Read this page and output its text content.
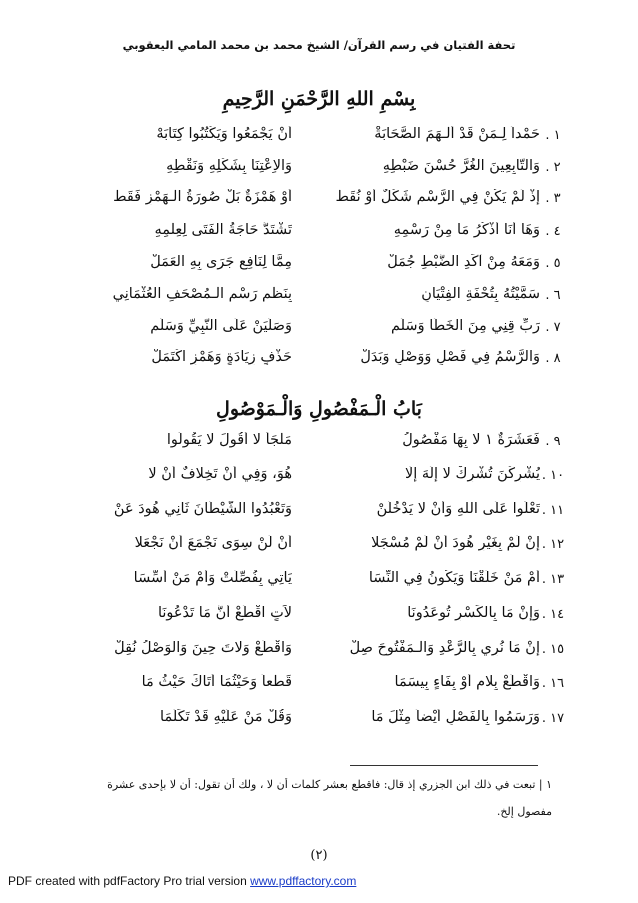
تحفة الفتيان في رسم القرآن/ الشيخ محمد بن محمد المامي اليعقوبي
بِسْمِ اللهِ الرَّحْمَنِ الرَّحِيمِ
١ .
حَمْداً لِـمَنْ قَدْ أَلْـهَمَ الصَّحَابَةْ
أَنْ يَجْمَعُوا وَيَكْتُبُوا كِتَابَهْ
٢ .
وَالتَّابِعِينَ الغُرَّ حُسْنَ ضَبْطِهِ
وَالاِعْتِنَا بِشَكْلِهِ وَنَقْطِهِ
٣ .
إِذْ لَمْ يَكُنْ فِي الرَّسْمِ شَكْلٌ أَوْ نُقَطْ
أَوْ هَمْزَةٌ بَلْ صُورَةُ الْـهَمْزِ فَقَطْ
٤ .
وَهَا أَنَا أَذْكُرُ مَا مِنْ رَسْمِهِ
تَشْتَدُّ حَاجَةُ الفَتَى لِعِلْمِهِ
٥ .
وَمَعَهُ مِنْ آكَدِ الضَّبْطِ جُمَلْ
مِمَّا لِنَافِعٍ جَرَى بِهِ العَمَلْ
٦ .
سَمَّيْتُهُ بِتُحْفَةِ الفِتْيَانِ
بِنَظْمِ رَسْمِ الْـمُصْحَفِ العُثْمَانِي
٧ .
رَبِّ قِنِي مِنَ الخَطَا وَسَلِّمِ
وَصَلِّيَنْ عَلَى النَّبِيِّ وَسَلِّمِ
٨ .
وَالرَّسْمُ فِي فَصْلٍ وَوَصْلٍ وَبَدَلْ
حَذْفٍ زِيَادَةٍ وَهَمْزٍ اكْتَمَلْ
٩ .
فَعَشَرَةٌ ١ لا بِهَا مَفْصُولُ
مَلْجَأَ لا أَقُولَ لا يَقُولُوا
١٠ .
يُشْرِكْنَ تُشْرِكْ لا إِلَهَ إِلَّا
هُوَ، وَفِي أَنْ تَخِلافٌ أَنْ لا
١١ .
تَعْلُوا عَلَى اللهِ وَأَنْ لا يَدْخُلَنْ
وَتَعْبُدُوا الشَّيْطَانَ ثَانِي هُودَ عَنْ
١٢ .
إِنْ لَمْ بِغَيْرِ هُودَ أَنْ لَمْ مُسْجَلا
أَنْ لَنْ سِوَى نَجْمَعَ أَنْ نَجْعَلا
١٣ .
أَمْ مَنْ خَلَقْنَا وَيَكُونُ فِي النِّسَا
يَاتِي بِفُصِّلَتْ وَأَمْ مَنْ أُسِّسَا
١٤ .
وَإِنْ مَا بِالكَسْرِ تُوعَدُونَا
لاَتٍ اقْطَعْ أَنَّ مَا تَدْعُونَا
١٥ .
إِنْ مَا نُرِي بِالرَّعْدِ وَالْـمَفْتُوحَ صِلْ
وَاقْطَعْ وَلاتَ حِينَ وَالوَصْلُ نُقِلْ
١٦ .
وَاقْطَعْ بِلامِ أَوْ بِفَاءٍ بِيسَمَا
قَطْعاً وَحَيْثُمَا أَتَاكَ حَيْثُ مَا
١٧ .
وَرَسَمُوا بِالفَصْلِ أَيْضاً مِثْلَ مَا
وَقُلْ مَنْ عَلَيْهِ قَدْ تَكَلَّمَا
بَابُ الْـمَفْصُولِ وَالْـمَوْصُولِ
١ | تبعت في ذلك ابن الجزري إذ قال: فاقطع بعشر كلمات أن لا ، ولك أن تقول: أن لا بإحدى عشرة
مفصول إلخ.
(٢)
PDF created with pdfFactory Pro trial version www.pdffactory.com
